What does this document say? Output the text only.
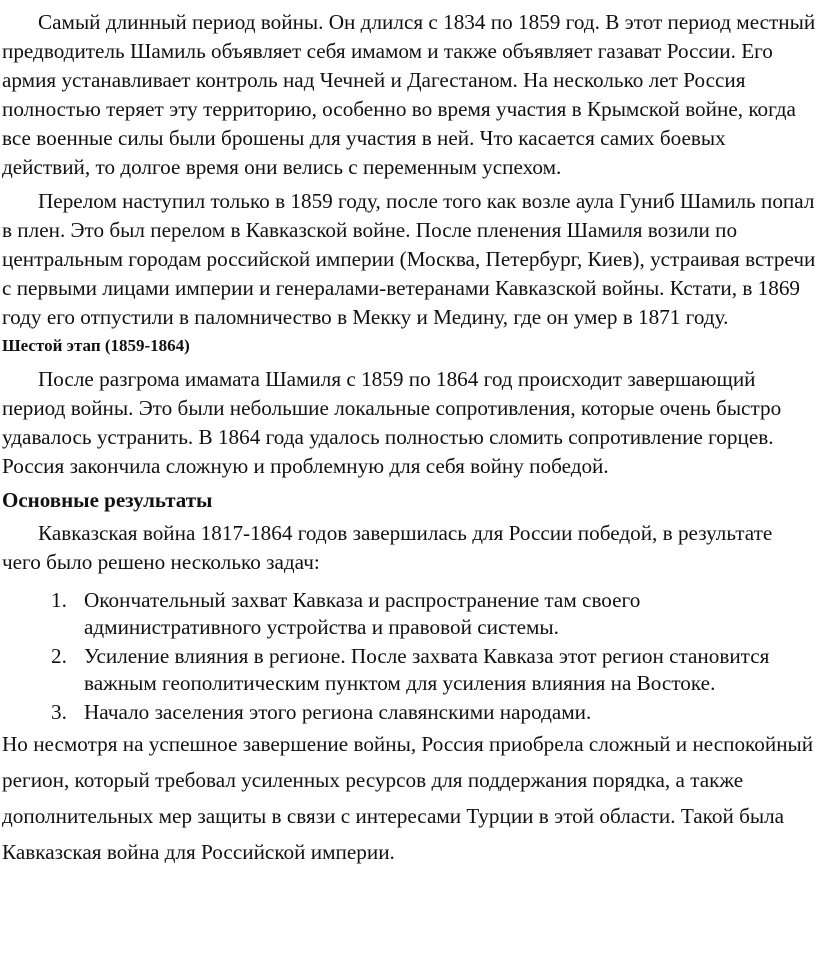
Самый длинный период войны. Он длился с 1834 по 1859 год. В этот период местный предводитель Шамиль объявляет себя имамом и также объявляет газават России. Его армия устанавливает контроль над Чечней и Дагестаном. На несколько лет Россия полностью теряет эту территорию, особенно во время участия в Крымской войне, когда все военные силы были брошены для участия в ней. Что касается самих боевых действий, то долгое время они велись с переменным успехом.

Перелом наступил только в 1859 году, после того как возле аула Гуниб Шамиль попал в плен. Это был перелом в Кавказской войне. После пленения Шамиля возили по центральным городам российской империи (Москва, Петербург, Киев), устраивая встречи с первыми лицами империи и генералами-ветеранами Кавказской войны. Кстати, в 1869 году его отпустили в паломничество в Мекку и Медину, где он умер в 1871 году.

Шестой этап (1859-1864)

После разгрома имамата Шамиля с 1859 по 1864 год происходит завершающий период войны. Это были небольшие локальные сопротивления, которые очень быстро удавалось устранить. В 1864 года удалось полностью сломить сопротивление горцев. Россия закончила сложную и проблемную для себя войну победой.

Основные результаты

Кавказская война 1817-1864 годов завершилась для России победой, в результате чего было решено несколько задач:

1. Окончательный захват Кавказа и распространение там своего административного устройства и правовой системы.
2. Усиление влияния в регионе. После захвата Кавказа этот регион становится важным геополитическим пунктом для усиления влияния на Востоке.
3. Начало заселения этого региона славянскими народами.

Но несмотря на успешное завершение войны, Россия приобрела сложный и неспокойный регион, который требовал усиленных ресурсов для поддержания порядка, а также дополнительных мер защиты в связи с интересами Турции в этой области. Такой была Кавказская война для Российской империи.
